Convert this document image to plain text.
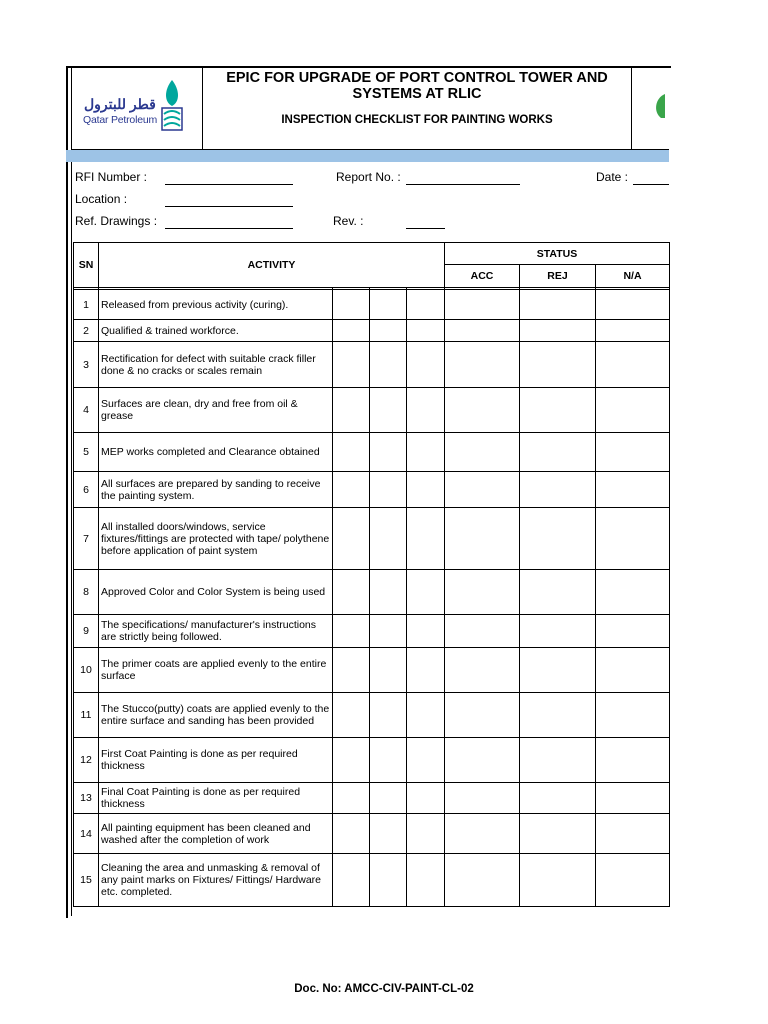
قطر للبترول
Qatar Petroleum
EPIC FOR UPGRADE OF PORT CONTROL TOWER AND SYSTEMS AT RLIC
INSPECTION CHECKLIST FOR PAINTING WORKS
RFI Number :	Report No. :	Date :
Location :
Ref. Drawings :	Rev. :
SN	ACTIVITY				STATUS		
					ACC	REJ	N/A

1	Released from previous activity (curing).						
2	Qualified & trained workforce.						
3	Rectification for defect with suitable crack filler done & no cracks or scales remain						
4	Surfaces are clean, dry and free from oil & grease						
5	MEP works completed and Clearance obtained						
6	All surfaces are prepared by sanding to receive the painting system.						
7	All installed doors/windows, service fixtures/fittings are protected with tape/ polythene before application of paint system						
8	Approved Color and Color System is being used						
9	The specifications/ manufacturer's instructions are strictly being followed.						
10	The primer coats are applied evenly to the entire surface						
11	The Stucco(putty) coats are applied evenly to the entire surface and sanding has been provided						
12	First Coat Painting is done as per required thickness						
13	Final Coat Painting is done as per required thickness						
14	All painting equipment has been cleaned and washed after the completion of work						
15	Cleaning the area and unmasking & removal of any paint marks on Fixtures/ Fittings/ Hardware etc. completed.						
Doc. No: AMCC-CIV-PAINT-CL-02
